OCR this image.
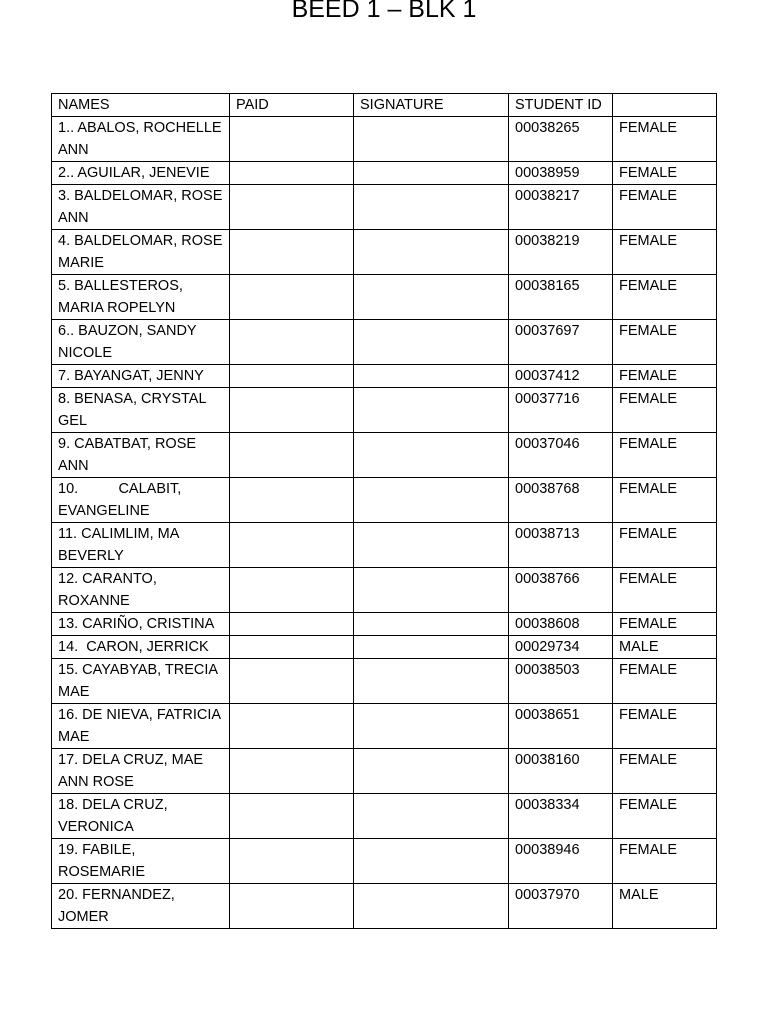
BEED 1 – BLK 1
NAMES	PAID	SIGNATURE	STUDENT ID	
1.. ABALOS, ROCHELLE ANN			00038265	FEMALE
2.. AGUILAR, JENEVIE			00038959	FEMALE
3. BALDELOMAR, ROSE ANN			00038217	FEMALE
4. BALDELOMAR, ROSE MARIE			00038219	FEMALE
5. BALLESTEROS, MARIA ROPELYN			00038165	FEMALE
6.. BAUZON, SANDY NICOLE			00037697	FEMALE
7. BAYANGAT, JENNY			00037412	FEMALE
8. BENASA, CRYSTAL GEL			00037716	FEMALE
9. CABATBAT, ROSE ANN			00037046	FEMALE
10.          CALABIT, EVANGELINE			00038768	FEMALE
11. CALIMLIM, MA BEVERLY			00038713	FEMALE
12. CARANTO, ROXANNE			00038766	FEMALE
13. CARIÑO, CRISTINA			00038608	FEMALE
14.  CARON, JERRICK			00029734	MALE
15. CAYABYAB, TRECIA MAE			00038503	FEMALE
16. DE NIEVA, FATRICIA MAE			00038651	FEMALE
17. DELA CRUZ, MAE ANN ROSE			00038160	FEMALE
18. DELA CRUZ, VERONICA			00038334	FEMALE
19. FABILE, ROSEMARIE			00038946	FEMALE
20. FERNANDEZ, JOMER			00037970	MALE
